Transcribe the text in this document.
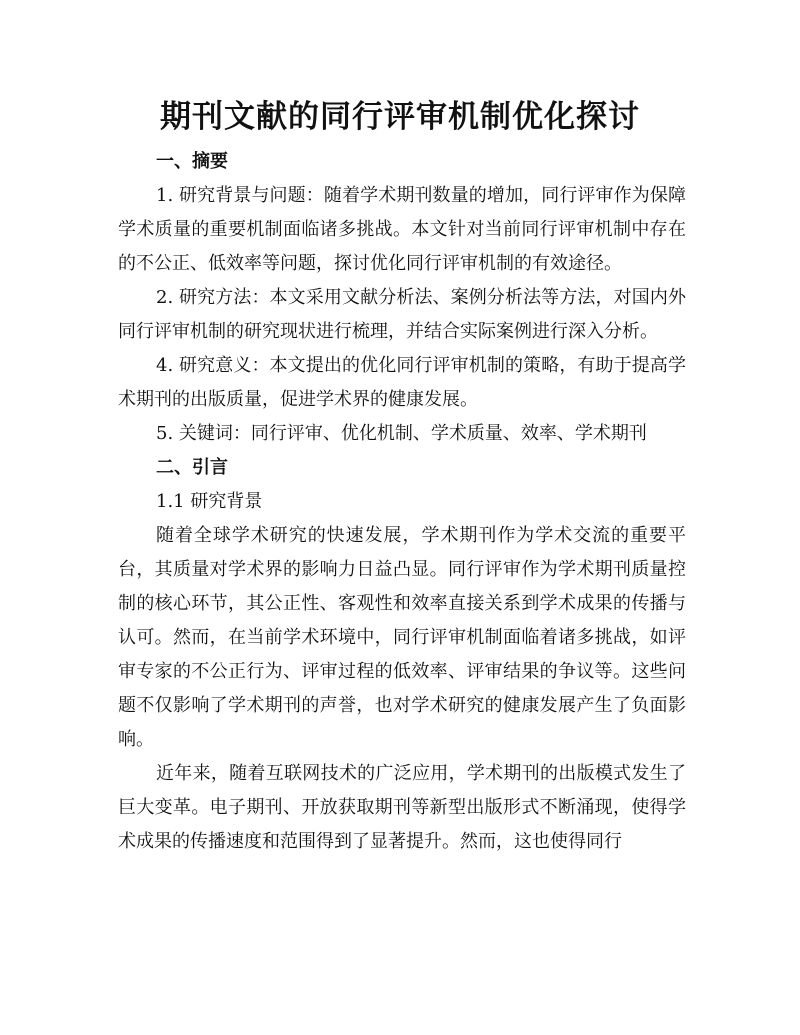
期刊文献的同行评审机制优化探讨

一、摘要

1. 研究背景与问题：随着学术期刊数量的增加，同行评审作为保障学术质量的重要机制面临诸多挑战。本文针对当前同行评审机制中存在的不公正、低效率等问题，探讨优化同行评审机制的有效途径。

2. 研究方法：本文采用文献分析法、案例分析法等方法，对国内外同行评审机制的研究现状进行梳理，并结合实际案例进行深入分析。

4. 研究意义：本文提出的优化同行评审机制的策略，有助于提高学术期刊的出版质量，促进学术界的健康发展。

5. 关键词：同行评审、优化机制、学术质量、效率、学术期刊

二、引言

1.1 研究背景

随着全球学术研究的快速发展，学术期刊作为学术交流的重要平台，其质量对学术界的影响力日益凸显。同行评审作为学术期刊质量控制的核心环节，其公正性、客观性和效率直接关系到学术成果的传播与认可。然而，在当前学术环境中，同行评审机制面临着诸多挑战，如评审专家的不公正行为、评审过程的低效率、评审结果的争议等。这些问题不仅影响了学术期刊的声誉，也对学术研究的健康发展产生了负面影响。

近年来，随着互联网技术的广泛应用，学术期刊的出版模式发生了巨大变革。电子期刊、开放获取期刊等新型出版形式不断涌现，使得学术成果的传播速度和范围得到了显著提升。然而，这也使得同行
